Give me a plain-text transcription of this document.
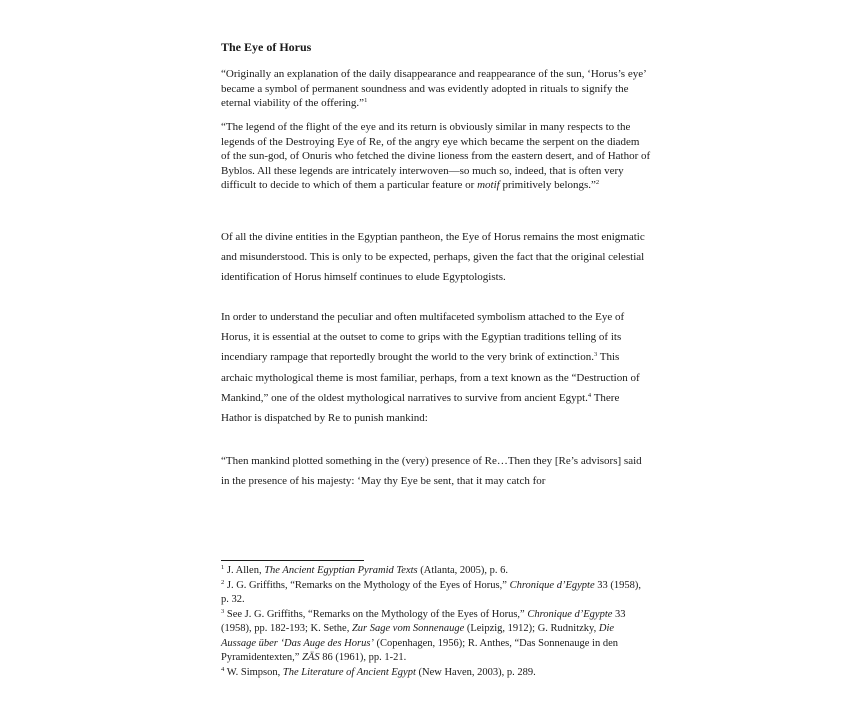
The Eye of Horus
“Originally an explanation of the daily disappearance and reappearance of the sun, ‘Horus’s eye’ became a symbol of permanent soundness and was evidently adopted in rituals to signify the eternal viability of the offering.”$^1$
“The legend of the flight of the eye and its return is obviously similar in many respects to the legends of the Destroying Eye of Re, of the angry eye which became the serpent on the diadem of the sun-god, of Onuris who fetched the divine lioness from the eastern desert, and of Hathor of Byblos. All these legends are intricately interwoven—so much so, indeed, that is often very difficult to decide to which of them a particular feature or motif primitively belongs.”$^2$
Of all the divine entities in the Egyptian pantheon, the Eye of Horus remains the most enigmatic and misunderstood. This is only to be expected, perhaps, given the fact that the original celestial identification of Horus himself continues to elude Egyptologists.
In order to understand the peculiar and often multifaceted symbolism attached to the Eye of Horus, it is essential at the outset to come to grips with the Egyptian traditions telling of its incendiary rampage that reportedly brought the world to the very brink of extinction.$^3$ This archaic mythological theme is most familiar, perhaps, from a text known as the “Destruction of Mankind,” one of the oldest mythological narratives to survive from ancient Egypt.$^4$ There Hathor is dispatched by Re to punish mankind:
“Then mankind plotted something in the (very) presence of Re…Then they [Re’s advisors] said in the presence of his majesty: ‘May thy Eye be sent, that it may catch for

$^1$ J. Allen, The Ancient Egyptian Pyramid Texts (Atlanta, 2005), p. 6.

$^2$ J. G. Griffiths, “Remarks on the Mythology of the Eyes of Horus,” Chronique d’Egypte 33 (1958), p. 32.

$^3$ See J. G. Griffiths, “Remarks on the Mythology of the Eyes of Horus,” Chronique d’Egypte 33 (1958), pp. 182-193; K. Sethe, Zur Sage vom Sonnenauge (Leipzig, 1912); G. Rudnitzky, Die Aussage über ‘Das Auge des Horus’ (Copenhagen, 1956); R. Anthes, “Das Sonnenauge in den Pyramidentexten,” ZÄS 86 (1961), pp. 1-21.

$^4$ W. Simpson, The Literature of Ancient Egypt (New Haven, 2003), p. 289.
